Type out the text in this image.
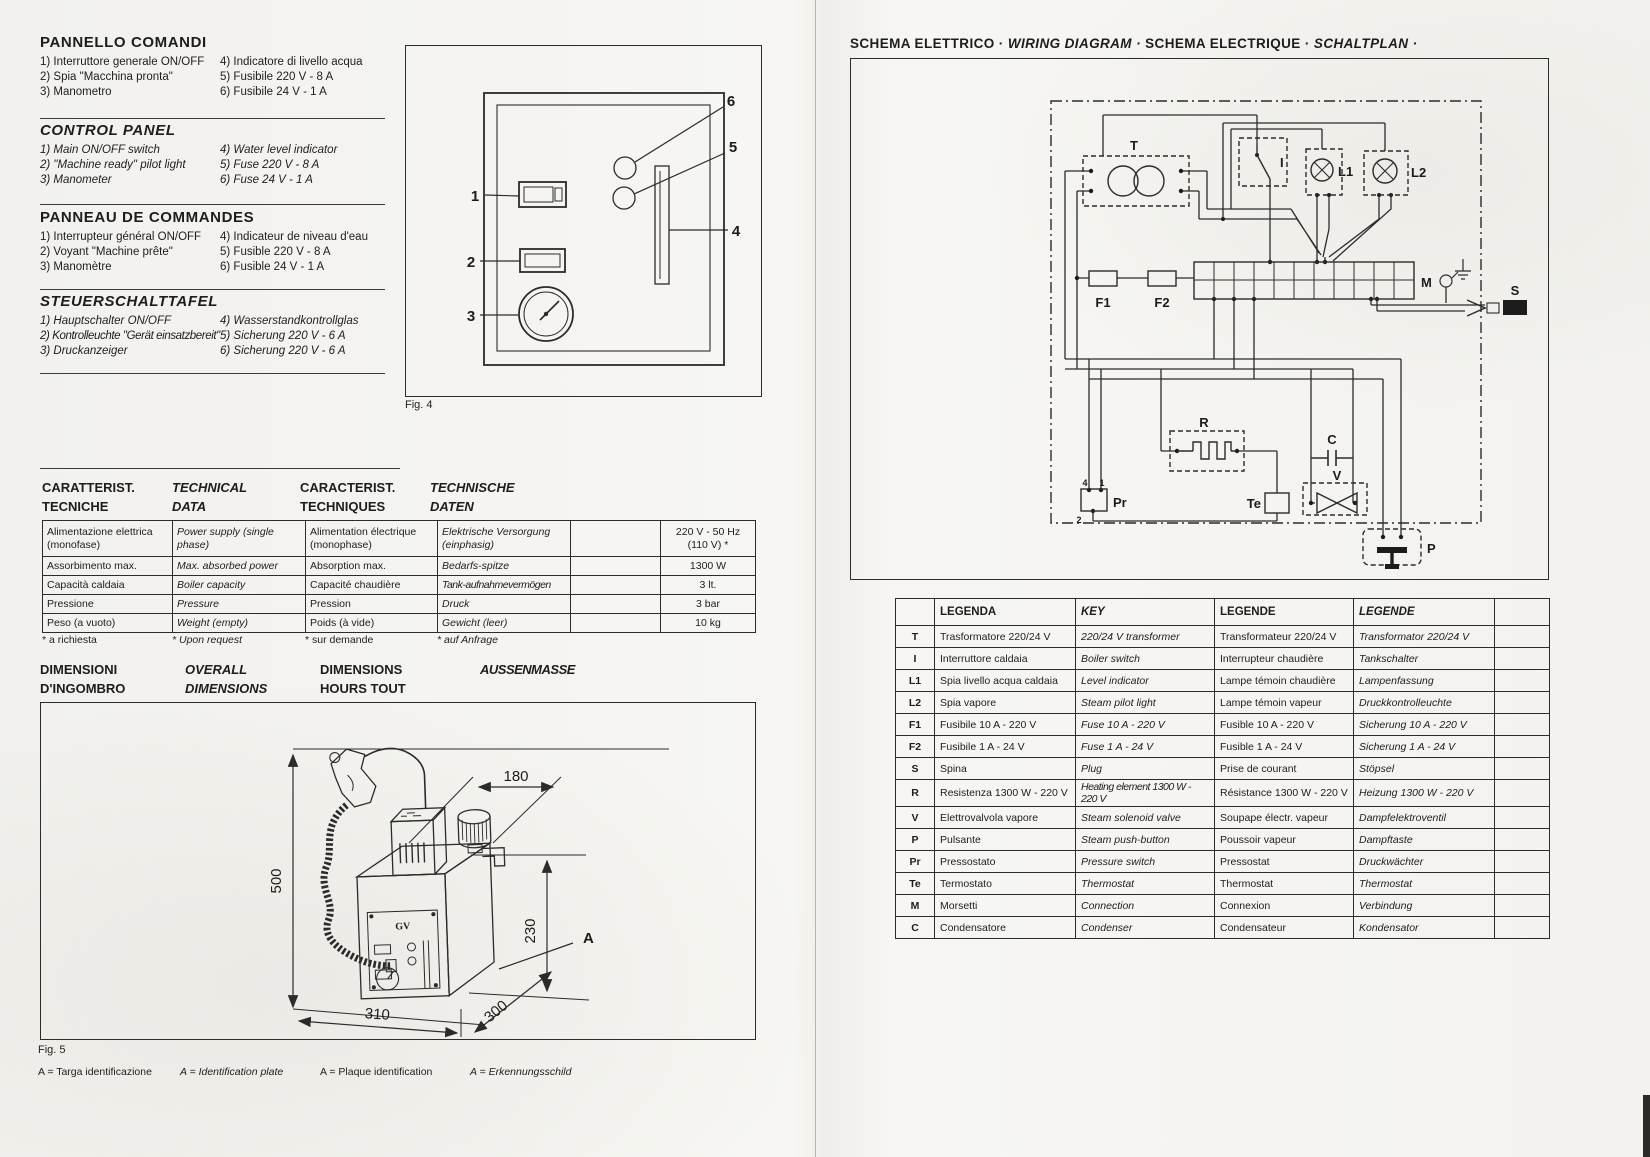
PANNELLO COMANDI
1) Interruttore generale ON/OFF
2) Spia "Macchina pronta"
3) Manometro
4) Indicatore di livello acqua
5) Fusibile 220 V - 8 A
6) Fusibile 24 V - 1 A
CONTROL PANEL
1) Main ON/OFF switch
2) "Machine ready" pilot light
3) Manometer
4) Water level indicator
5) Fuse 220 V - 8 A
6) Fuse 24 V - 1 A
PANNEAU DE COMMANDES
1) Interrupteur général ON/OFF
2) Voyant "Machine prête"
3) Manomètre
4) Indicateur de niveau d'eau
5) Fusible 220 V - 8 A
6) Fusible 24 V - 1 A
STEUERSCHALTTAFEL
1) Hauptschalter ON/OFF
2) Kontrolleuchte "Gerät einsatzbereit"
3) Druckanzeiger
4) Wasserstandkontrollglas
5) Sicherung 220 V - 6 A
6) Sicherung 220 V - 6 A
1
2
3
4
5
6
Fig. 4
CARATTERIST.
TECNICHE
TECHNICAL
DATA
CARACTERIST.
TECHNIQUES
TECHNISCHE
DATEN
Alimentazione elettrica (monofase)	Power supply (single phase)	Alimentation électrique (monophase)	Elektrische Versorgung (einphasig)		220 V - 50 Hz (110 V) *
Assorbimento max.	Max. absorbed power	Absorption max.	Bedarfs-spitze		1300 W
Capacità caldaia	Boiler capacity	Capacité chaudière	Tank-aufnahmevermögen		3 lt.
Pressione	Pressure	Pression	Druck		3 bar
Peso (a vuoto)	Weight (empty)	Poids (à vide)	Gewicht (leer)		10 kg
* a richiesta	* Upon request	* sur demande	* auf Anfrage
DIMENSIONI
D'INGOMBRO
OVERALL
DIMENSIONS
DIMENSIONS
HOURS TOUT
AUSSENMASSE
500
180
230
300
310
A
GV
Fig. 5
A = Targa identificazione	A = Identification plate	A = Plaque identification	A = Erkennungsschild
SCHEMA ELETTRICO · WIRING DIAGRAM · SCHEMA ELECTRIQUE · SCHALTPLAN ·
T
I
L1	L2
F1	F2
M
S
R
C
V
Pr	Te
P
4 1
2
	LEGENDA	KEY	LEGENDE	LEGENDE	
T	Trasformatore 220/24 V	220/24 V transformer	Transformateur 220/24 V	Transformator 220/24 V	
I	Interruttore caldaia	Boiler switch	Interrupteur chaudière	Tankschalter	
L1	Spia livello acqua caldaia	Level indicator	Lampe témoin chaudière	Lampenfassung	
L2	Spia vapore	Steam pilot light	Lampe témoin vapeur	Druckkontrolleuchte	
F1	Fusibile 10 A - 220 V	Fuse 10 A - 220 V	Fusible 10 A - 220 V	Sicherung 10 A - 220 V	
F2	Fusibile 1 A - 24 V	Fuse 1 A - 24 V	Fusible 1 A - 24 V	Sicherung 1 A - 24 V	
S	Spina	Plug	Prise de courant	Stöpsel	
R	Resistenza 1300 W - 220 V	Heating element 1300 W - 220 V	Résistance 1300 W - 220 V	Heizung 1300 W - 220 V	
V	Elettrovalvola vapore	Steam solenoid valve	Soupape électr. vapeur	Dampfelektroventil	
P	Pulsante	Steam push-button	Poussoir vapeur	Dampftaste	
Pr	Pressostato	Pressure switch	Pressostat	Druckwächter	
Te	Termostato	Thermostat	Thermostat	Thermostat	
M	Morsetti	Connection	Connexion	Verbindung	
C	Condensatore	Condenser	Condensateur	Kondensator	
